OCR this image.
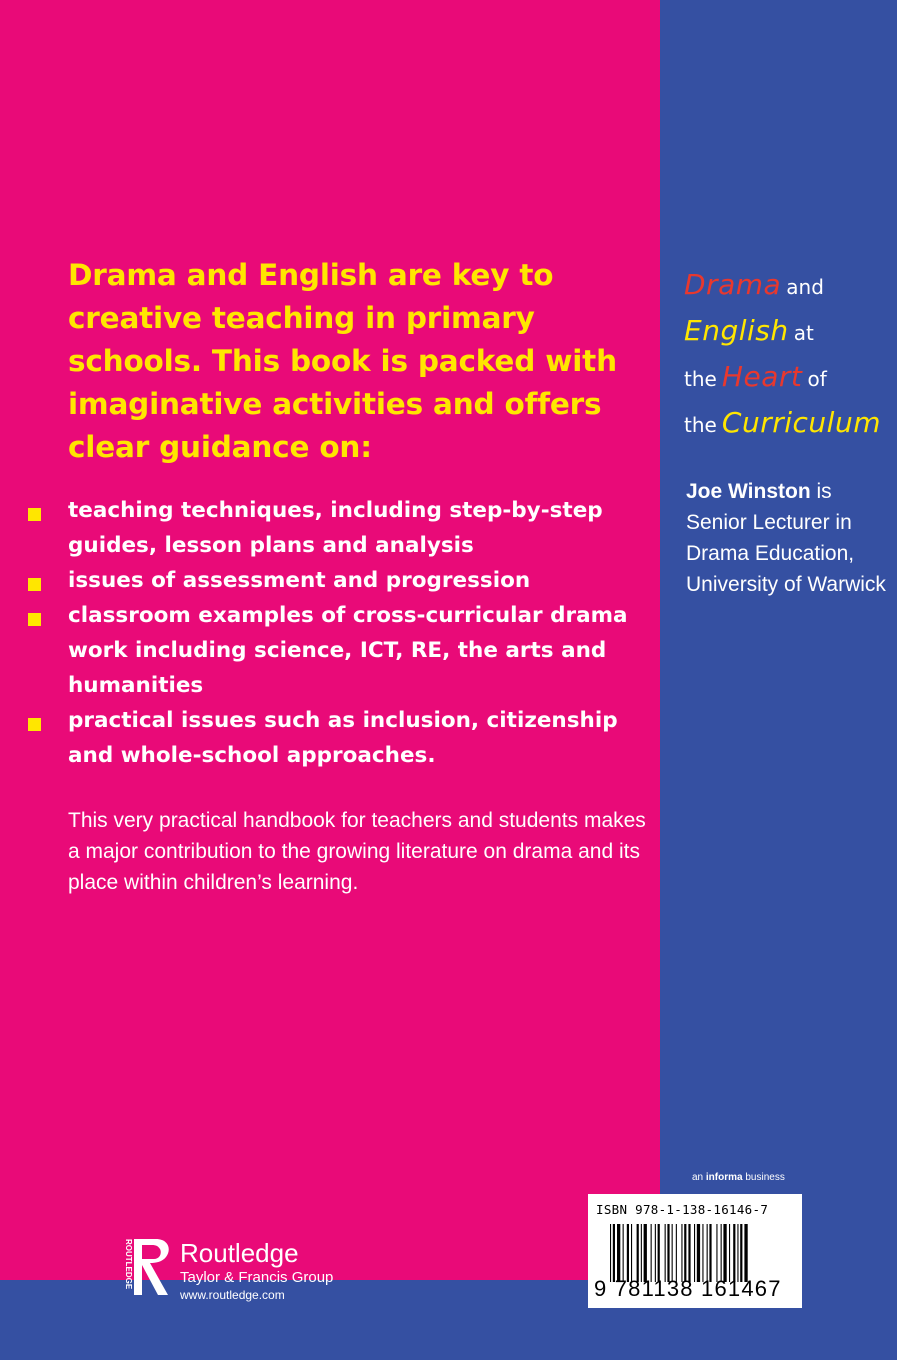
Drama and English are key to creative teaching in primary schools. This book is packed with imaginative activities and offers clear guidance on:

teaching techniques, including step-by-step guides, lesson plans and analysis
issues of assessment and progression
classroom examples of cross-curricular drama work including science, ICT, RE, the arts and humanities
practical issues such as inclusion, citizenship and whole-school approaches.

This very practical handbook for teachers and students makes a major contribution to the growing literature on drama and its place within children’s learning.

Drama and
English at
the Heart of
the Curriculum
Joe Winston is
Senior Lecturer in
Drama Education,
University of Warwick
an informa business
ISBN 978-1-138-16146-7
9 781138 161467
ROUTLEDGE Routledge
Taylor & Francis Group
www.routledge.com
